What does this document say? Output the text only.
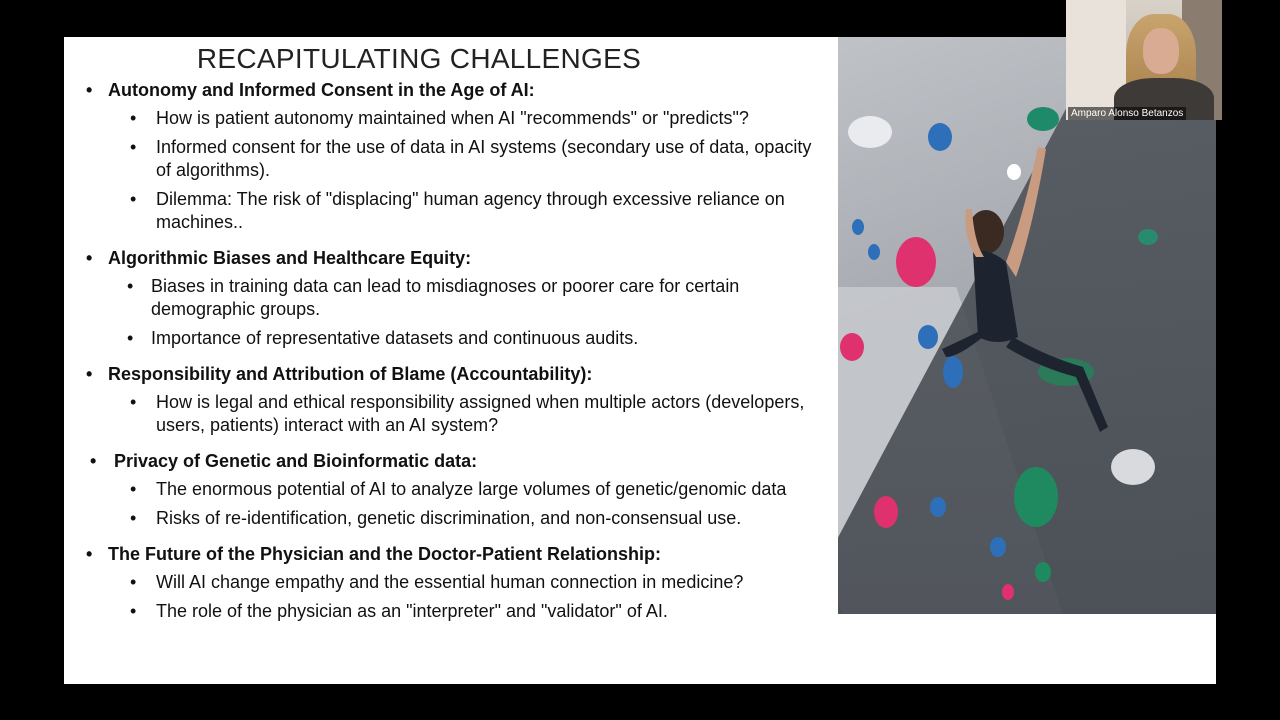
RECAPITULATING CHALLENGES
• Autonomy and Informed Consent in the Age of AI:
• How is patient autonomy maintained when AI "recommends" or "predicts"?
• Informed consent for the use of data in AI systems (secondary use of data, opacity of algorithms).
• Dilemma: The risk of "displacing" human agency through excessive reliance on machines..
• Algorithmic Biases and Healthcare Equity:
• Biases in training data can lead to misdiagnoses or poorer care for certain demographic groups.
• Importance of representative datasets and continuous audits.
• Responsibility and Attribution of Blame (Accountability):
• How is legal and ethical responsibility assigned when multiple actors (developers, users, patients) interact with an AI system?
• Privacy of Genetic and Bioinformatic data:
• The enormous potential of AI to analyze large volumes of genetic/genomic data
• Risks of re-identification, genetic discrimination, and non-consensual use.
• The Future of the Physician and the Doctor-Patient Relationship:
• Will AI change empathy and the essential human connection in medicine?
• The role of the physician as an "interpreter" and "validator" of AI.
Amparo Alonso Betanzos
zoom
